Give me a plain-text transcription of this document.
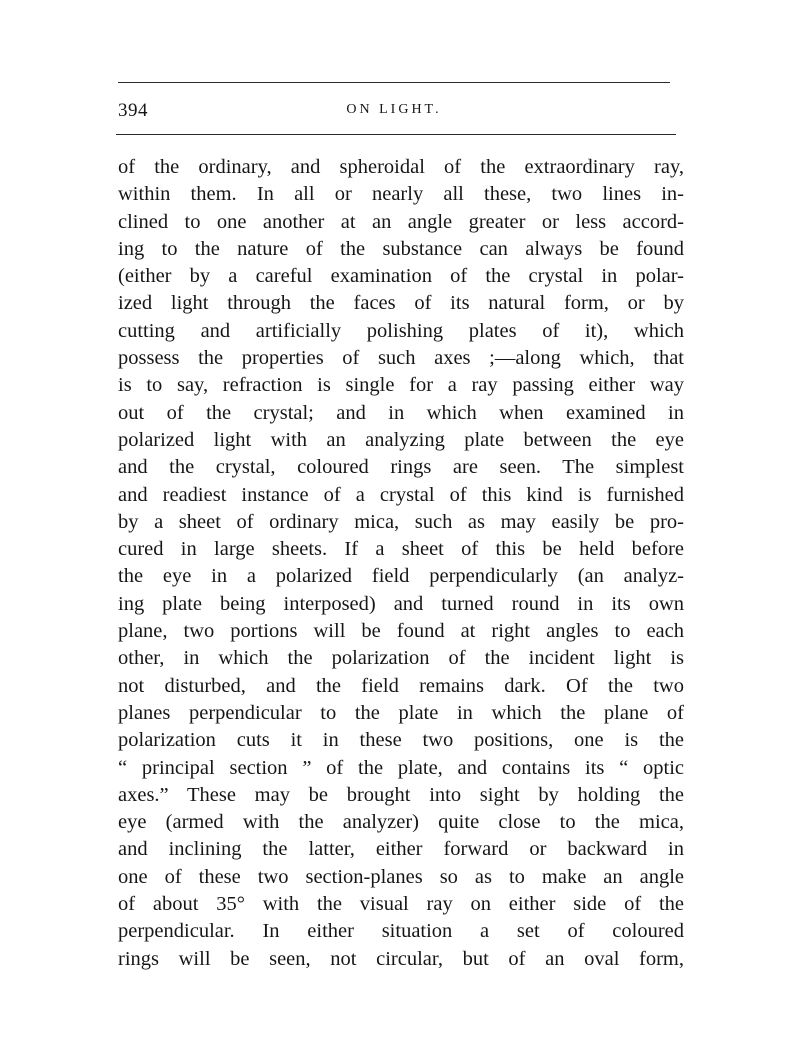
394	ON LIGHT.
of the ordinary, and spheroidal of the extraordinary ray,
within them. In all or nearly all these, two lines in-
clined to one another at an angle greater or less accord-
ing to the nature of the substance can always be found
(either by a careful examination of the crystal in polar-
ized light through the faces of its natural form, or by
cutting and artificially polishing plates of it), which
possess the properties of such axes ;—along which, that
is to say, refraction is single for a ray passing either way
out of the crystal; and in which when examined in
polarized light with an analyzing plate between the eye
and the crystal, coloured rings are seen. The simplest
and readiest instance of a crystal of this kind is furnished
by a sheet of ordinary mica, such as may easily be pro-
cured in large sheets. If a sheet of this be held before
the eye in a polarized field perpendicularly (an analyz-
ing plate being interposed) and turned round in its own
plane, two portions will be found at right angles to each
other, in which the polarization of the incident light is
not disturbed, and the field remains dark. Of the two
planes perpendicular to the plate in which the plane of
polarization cuts it in these two positions, one is the
“ principal section ” of the plate, and contains its “ optic
axes.” These may be brought into sight by holding the
eye (armed with the analyzer) quite close to the mica,
and inclining the latter, either forward or backward in
one of these two section-planes so as to make an angle
of about 35° with the visual ray on either side of the
perpendicular. In either situation a set of coloured
rings will be seen, not circular, but of an oval form,
